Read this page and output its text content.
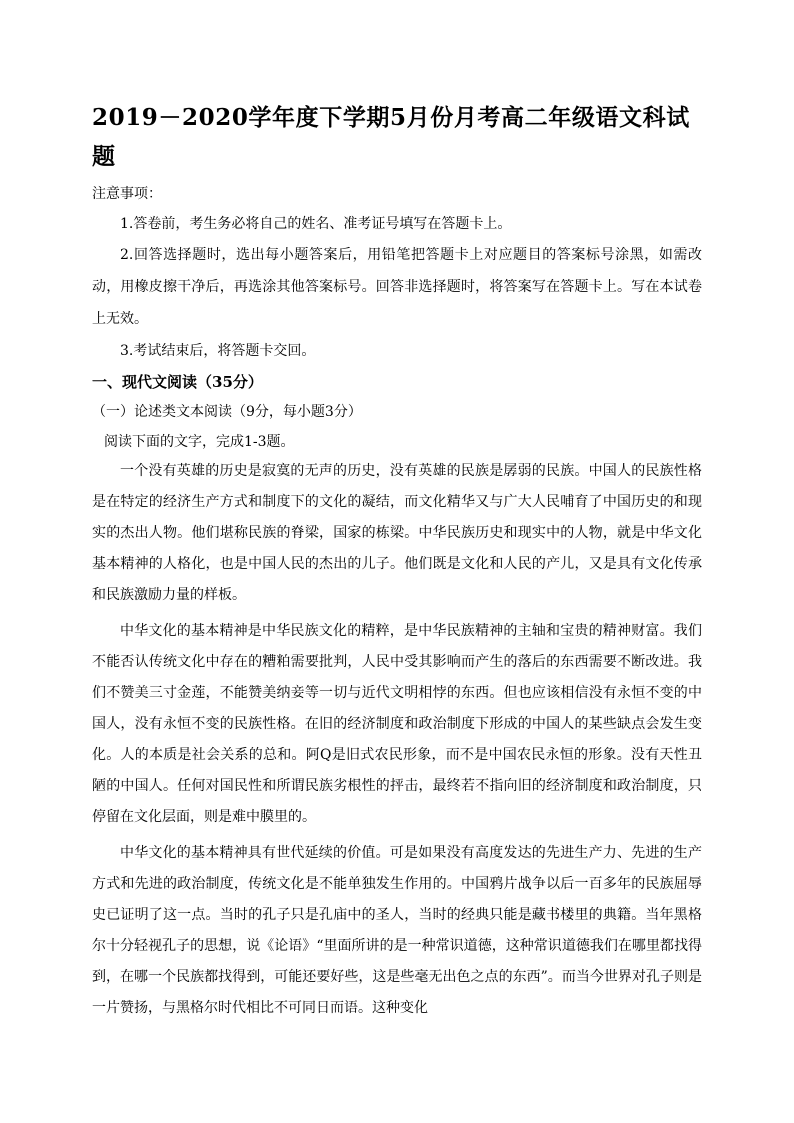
2019－2020学年度下学期5月份月考高二年级语文科试题
注意事项：
1.答卷前，考生务必将自己的姓名、准考证号填写在答题卡上。
2.回答选择题时，选出每小题答案后，用铅笔把答题卡上对应题目的答案标号涂黑，如需改动，用橡皮擦干净后，再选涂其他答案标号。回答非选择题时，将答案写在答题卡上。写在本试卷上无效。
3.考试结束后，将答题卡交回。
一、现代文阅读（35分）
（一）论述类文本阅读（9分，每小题3分）
阅读下面的文字，完成1-3题。
一个没有英雄的历史是寂寞的无声的历史，没有英雄的民族是孱弱的民族。中国人的民族性格是在特定的经济生产方式和制度下的文化的凝结，而文化精华又与广大人民哺育了中国历史的和现实的杰出人物。他们堪称民族的脊梁，国家的栋梁。中华民族历史和现实中的人物，就是中华文化基本精神的人格化，也是中国人民的杰出的儿子。他们既是文化和人民的产儿，又是具有文化传承和民族激励力量的样板。
中华文化的基本精神是中华民族文化的精粹，是中华民族精神的主轴和宝贵的精神财富。我们不能否认传统文化中存在的糟粕需要批判，人民中受其影响而产生的落后的东西需要不断改进。我们不赞美三寸金莲，不能赞美纳妾等一切与近代文明相悖的东西。但也应该相信没有永恒不变的中国人，没有永恒不变的民族性格。在旧的经济制度和政治制度下形成的中国人的某些缺点会发生变化。人的本质是社会关系的总和。阿Q是旧式农民形象，而不是中国农民永恒的形象。没有天性丑陋的中国人。任何对国民性和所谓民族劣根性的抨击，最终若不指向旧的经济制度和政治制度，只停留在文化层面，则是难中膜里的。
中华文化的基本精神具有世代延续的价值。可是如果没有高度发达的先进生产力、先进的生产方式和先进的政治制度，传统文化是不能单独发生作用的。中国鸦片战争以后一百多年的民族屈辱史已证明了这一点。当时的孔子只是孔庙中的圣人，当时的经典只能是藏书楼里的典籍。当年黑格尔十分轻视孔子的思想，说《论语》“里面所讲的是一种常识道德，这种常识道德我们在哪里都找得到，在哪一个民族都找得到，可能还要好些，这是些毫无出色之点的东西”。而当今世界对孔子则是一片赞扬，与黑格尔时代相比不可同日而语。这种变化
